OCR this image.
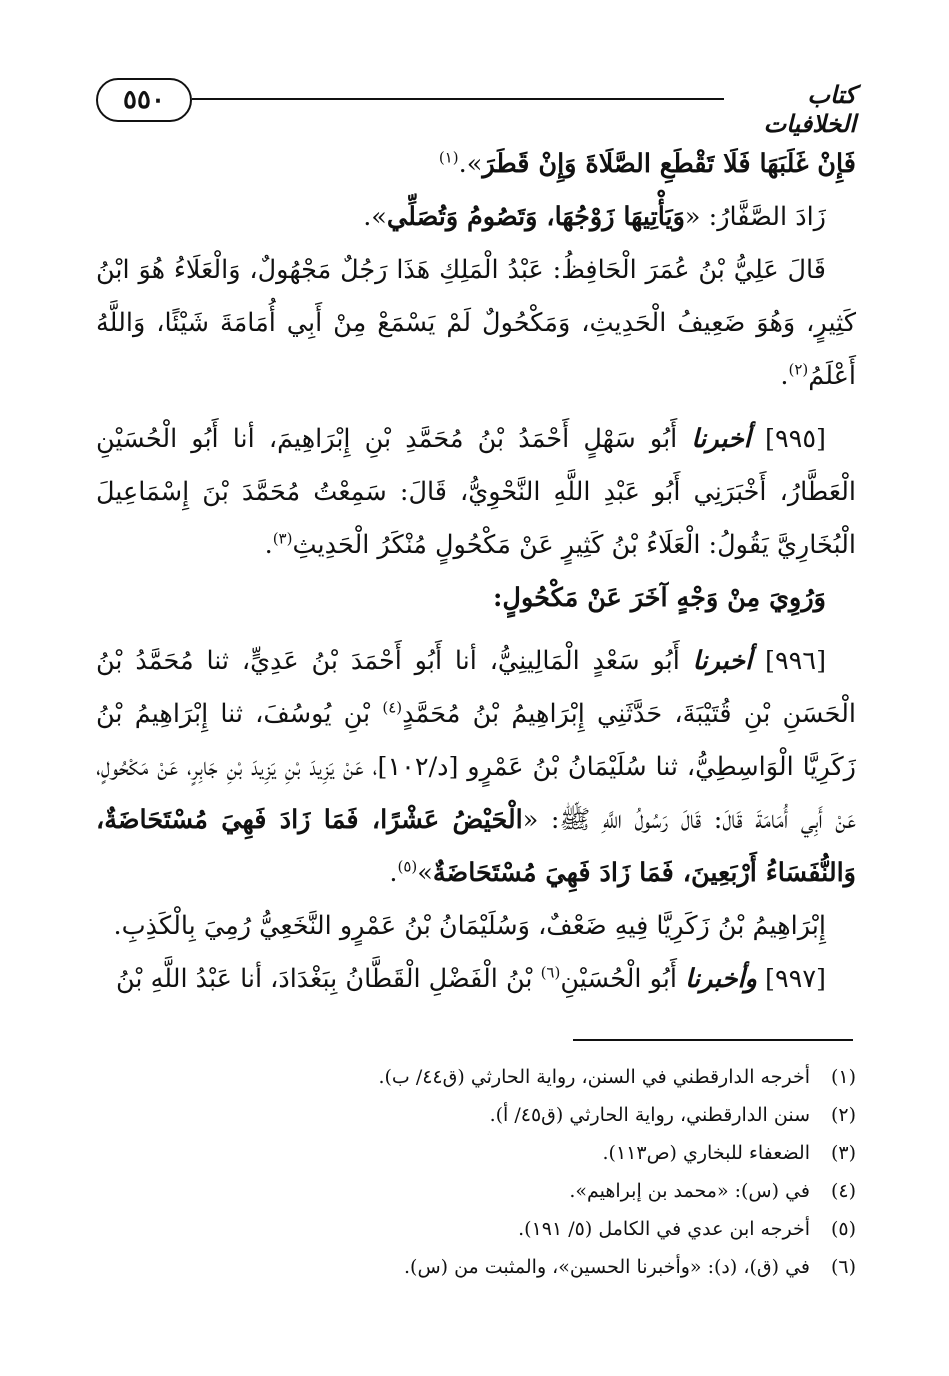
٥٥٠	كتاب الخلافيات

فَإِنْ غَلَبَهَا فَلَا تَقْطَعِ الصَّلَاةَ وَإِنْ قَطَرَ».$^{(١)}$

زَادَ الصَّفَّارُ: «وَيَأْتِيهَا زَوْجُهَا، وَتَصُومُ وَتُصَلِّي».

قَالَ عَلِيُّ بْنُ عُمَرَ الْحَافِظُ: عَبْدُ الْمَلِكِ هَذَا رَجُلٌ مَجْهُولٌ، وَالْعَلَاءُ هُوَ ابْنُ كَثِيرٍ، وَهُوَ ضَعِيفُ الْحَدِيثِ، وَمَكْحُولٌ لَمْ يَسْمَعْ مِنْ أَبِي أُمَامَةَ شَيْئًا، وَاللَّهُ أَعْلَمُ$^{(٢)}$.

[٩٩٥] أخبرنا أَبُو سَهْلٍ أَحْمَدُ بْنُ مُحَمَّدِ بْنِ إِبْرَاهِيمَ، أنا أَبُو الْحُسَيْنِ الْعَطَّارُ، أَخْبَرَنِي أَبُو عَبْدِ اللَّهِ النَّحْوِيُّ، قَالَ: سَمِعْتُ مُحَمَّدَ بْنَ إِسْمَاعِيلَ الْبُخَارِيَّ يَقُولُ: الْعَلَاءُ بْنُ كَثِيرٍ عَنْ مَكْحُولٍ مُنْكَرُ الْحَدِيثِ$^{(٣)}$.

وَرُوِيَ مِنْ وَجْهٍ آخَرَ عَنْ مَكْحُولٍ:

[٩٩٦] أخبرنا أَبُو سَعْدٍ الْمَالِينِيُّ، أنا أَبُو أَحْمَدَ بْنُ عَدِيٍّ، ثنا مُحَمَّدُ بْنُ الْحَسَنِ بْنِ قُتَيْبَةَ، حَدَّثَنِي إِبْرَاهِيمُ بْنُ مُحَمَّدٍ$^{(٤)}$ بْنِ يُوسُفَ، ثنا إِبْرَاهِيمُ بْنُ زَكَرِيَّا الْوَاسِطِيُّ، ثنا سُلَيْمَانُ بْنُ عَمْرٍو [د/١٠٢]، عَنْ يَزِيدَ بْنِ يَزِيدَ بْنِ جَابِرٍ، عَنْ مَكْحُولٍ، عَنْ أَبِي أُمَامَةَ قَالَ: قَالَ رَسُولُ اللَّهِ ﷺ: «الْحَيْضُ عَشْرًا، فَمَا زَادَ فَهِيَ مُسْتَحَاضَةٌ، وَالنُّفَسَاءُ أَرْبَعِينَ، فَمَا زَادَ فَهِيَ مُسْتَحَاضَةٌ»$^{(٥)}$.

إِبْرَاهِيمُ بْنُ زَكَرِيَّا فِيهِ ضَعْفٌ، وَسُلَيْمَانُ بْنُ عَمْرٍو النَّخَعِيُّ رُمِيَ بِالْكَذِبِ.

[٩٩٧] وأخبرنا أَبُو الْحُسَيْنِ$^{(٦)}$ بْنُ الْفَضْلِ الْقَطَّانُ بِبَغْدَادَ، أنا عَبْدُ اللَّهِ بْنُ

(١)
أخرجه الدارقطني في السنن، رواية الحارثي (ق٤٤/ ب).
(٢)
سنن الدارقطني، رواية الحارثي (ق٤٥/ أ).
(٣)
الضعفاء للبخاري (ص١١٣).
(٤)
في (س): «محمد بن إبراهيم».
(٥)
أخرجه ابن عدي في الكامل (٥/ ١٩١).
(٦)
في (ق)، (د): «وأخبرنا الحسين»، والمثبت من (س).
